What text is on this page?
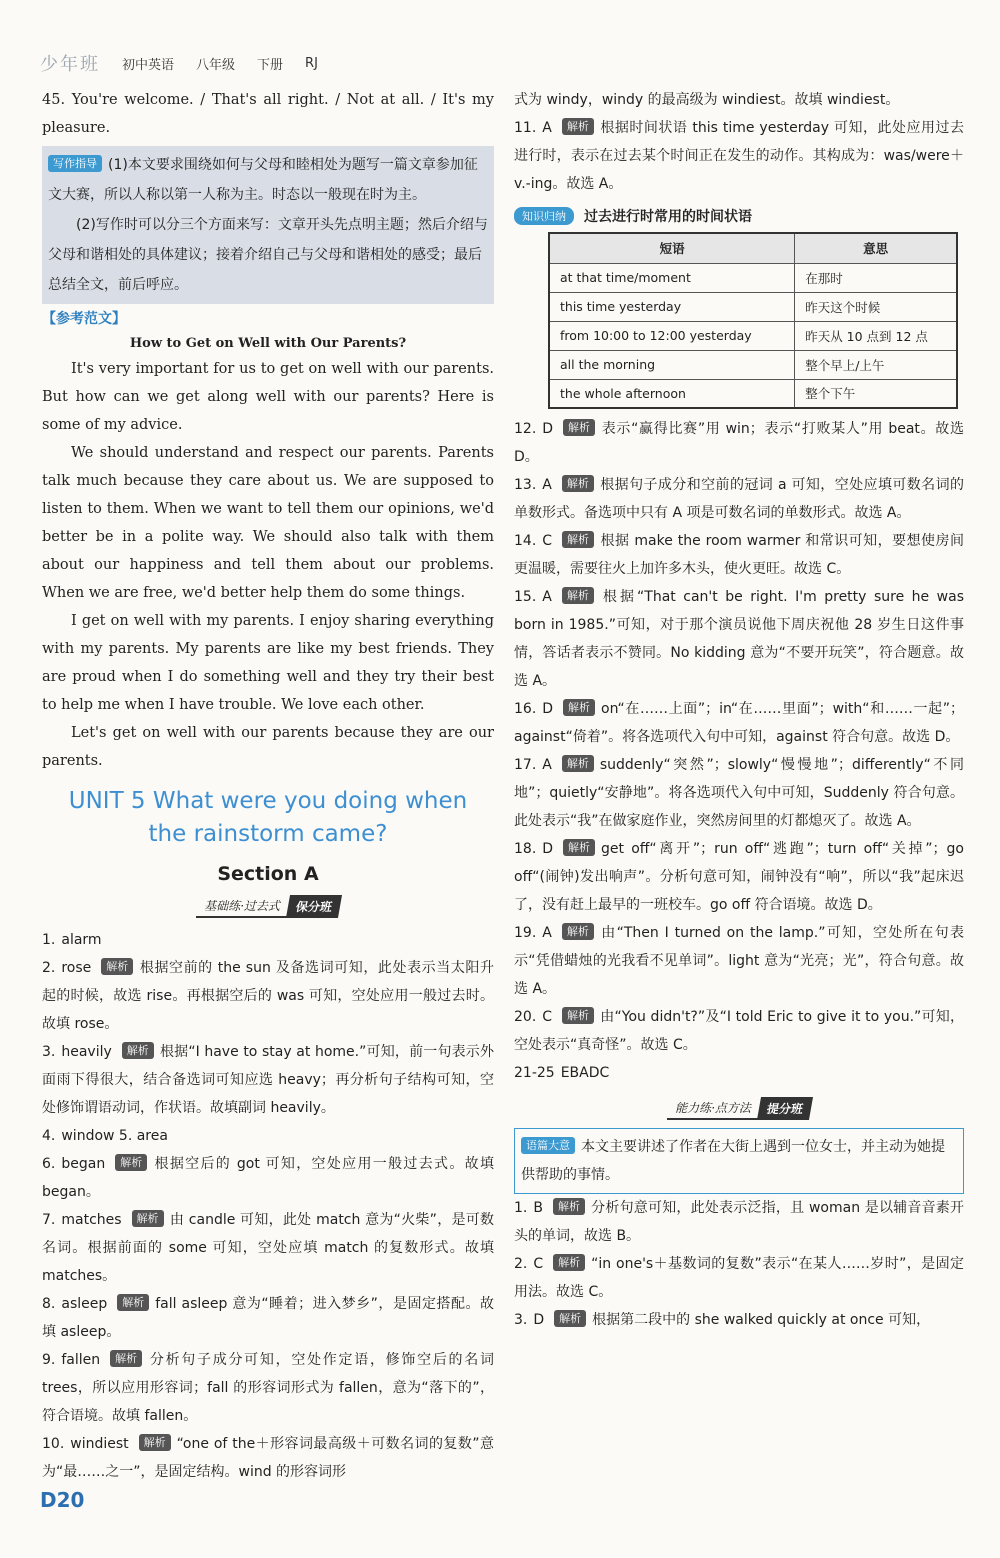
少年班 初中英语 八年级 下册 RJ
45. You're welcome. / That's all right. / Not at all. / It's my pleasure.
写作指导 (1)本文要求围绕如何与父母和睦相处为题写一篇文章参加征文大赛，所以人称以第一人称为主。时态以一般现在时为主。
(2)写作时可以分三个方面来写：文章开头先点明主题；然后介绍与父母和谐相处的具体建议；接着介绍自己与父母和谐相处的感受；最后总结全文，前后呼应。
【参考范文】
How to Get on Well with Our Parents?
It's very important for us to get on well with our parents. But how can we get along well with our parents? Here is some of my advice.
We should understand and respect our parents. Parents talk much because they care about us. We are supposed to listen to them. When we want to tell them our opinions, we'd better be in a polite way. We should also talk with them about our happiness and tell them about our problems. When we are free, we'd better help them do some things.
I get on well with my parents. I enjoy sharing everything with my parents. My parents are like my best friends. They are proud when I do something well and they try their best to help me when I have trouble. We love each other.
Let's get on well with our parents because they are our parents.
UNIT 5 What were you doing when
the rainstorm came?
Section A
基础练·过去式	保分班
1. alarm
2. rose 解析 根据空前的 the sun 及备选词可知，此处表示当太阳升起的时候，故选 rise。再根据空后的 was 可知，空处应用一般过去时。故填 rose。
3. heavily 解析 根据“I have to stay at home.”可知，前一句表示外面雨下得很大，结合备选词可知应选 heavy；再分析句子结构可知，空处修饰谓语动词，作状语。故填副词 heavily。
4. window 5. area
6. began 解析 根据空后的 got 可知，空处应用一般过去式。故填 began。
7. matches 解析 由 candle 可知，此处 match 意为“火柴”，是可数名词。根据前面的 some 可知，空处应填 match 的复数形式。故填 matches。
8. asleep 解析 fall asleep 意为“睡着；进入梦乡”，是固定搭配。故填 asleep。
9. fallen 解析 分析句子成分可知，空处作定语，修饰空后的名词 trees，所以应用形容词；fall 的形容词形式为 fallen，意为“落下的”，符合语境。故填 fallen。
10. windiest 解析 “one of the＋形容词最高级＋可数名词的复数”意为“最……之一”，是固定结构。wind 的形容词形
式为 windy，windy 的最高级为 windiest。故填 windiest。
11. A 解析 根据时间状语 this time yesterday 可知，此处应用过去进行时，表示在过去某个时间正在发生的动作。其构成为：was/were＋v.-ing。故选 A。
知识归纳	过去进行时常用的时间状语
短语	意思
at that time/moment	在那时
this time yesterday	昨天这个时候
from 10:00 to 12:00 yesterday	昨天从 10 点到 12 点
all the morning	整个早上/上午
the whole afternoon	整个下午
12. D 解析 表示“赢得比赛”用 win；表示“打败某人”用 beat。故选 D。
13. A 解析 根据句子成分和空前的冠词 a 可知，空处应填可数名词的单数形式。备选项中只有 A 项是可数名词的单数形式。故选 A。
14. C 解析 根据 make the room warmer 和常识可知，要想使房间更温暖，需要往火上加许多木头，使火更旺。故选 C。
15. A 解析 根据“That can't be right. I'm pretty sure he was born in 1985.”可知，对于那个演员说他下周庆祝他 28 岁生日这件事情，答话者表示不赞同。No kidding 意为“不要开玩笑”，符合题意。故选 A。
16. D 解析 on“在……上面”；in“在……里面”；with“和……一起”；against“倚着”。将各选项代入句中可知，against 符合句意。故选 D。
17. A 解析 suddenly“突然”；slowly“慢慢地”；differently“不同地”；quietly“安静地”。将各选项代入句中可知，Suddenly 符合句意。此处表示“我”在做家庭作业，突然房间里的灯都熄灭了。故选 A。
18. D 解析 get off“离开”；run off“逃跑”；turn off“关掉”；go off“(闹钟)发出响声”。分析句意可知，闹钟没有“响”，所以“我”起床迟了，没有赶上最早的一班校车。go off 符合语境。故选 D。
19. A 解析 由“Then I turned on the lamp.”可知，空处所在句表示“凭借蜡烛的光我看不见单词”。light 意为“光亮；光”，符合句意。故选 A。
20. C 解析 由“You didn't?”及“I told Eric to give it to you.”可知，空处表示“真奇怪”。故选 C。
21-25 EBADC
能力练·点方法	提分班
语篇大意 本文主要讲述了作者在大街上遇到一位女士，并主动为她提供帮助的事情。
1. B 解析 分析句意可知，此处表示泛指，且 woman 是以辅音音素开头的单词，故选 B。
2. C 解析 “in one's＋基数词的复数”表示“在某人……岁时”，是固定用法。故选 C。
3. D 解析 根据第二段中的 she walked quickly at once 可知，
D20
